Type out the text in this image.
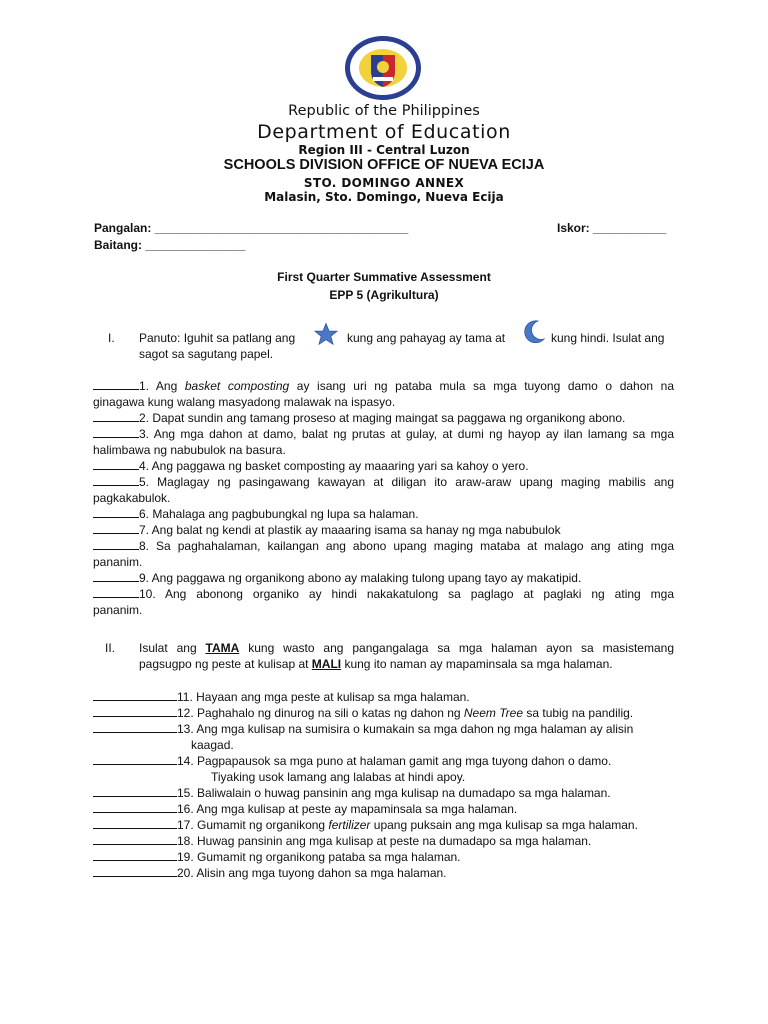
Republic of the Philippines
Department of Education
Region III - Central Luzon
SCHOOLS DIVISION OFFICE OF NUEVA ECIJA
STO. DOMINGO ANNEX
Malasin, Sto. Domingo, Nueva Ecija
Pangalan: ______________________________________	Iskor: ___________
Baitang: _______________
First Quarter Summative Assessment
EPP 5 (Agrikultura)
I. Panuto: Iguhit sa patlang ang	kung ang pahayag ay tama at	kung hindi. Isulat ang
sagot sa sagutang papel.
1. Ang basket composting ay isang uri ng pataba mula sa mga tuyong damo o dahon na
ginagawa kung walang masyadong malawak na ispasyo.
2. Dapat sundin ang tamang proseso at maging maingat sa paggawa ng organikong abono.
3. Ang mga dahon at damo, balat ng prutas at gulay, at dumi ng hayop ay ilan lamang sa mga
halimbawa ng nabubulok na basura.
4. Ang paggawa ng basket composting ay maaaring yari sa kahoy o yero.
5. Maglagay ng pasingawang kawayan at diligan ito araw-araw upang maging mabilis ang
pagkakabulok.
6. Mahalaga ang pagbubungkal ng lupa sa halaman.
7. Ang balat ng kendi at plastik ay maaaring isama sa hanay ng mga nabubulok
8. Sa paghahalaman, kailangan ang abono upang maging mataba at malago ang ating mga
pananim.
9. Ang paggawa ng organikong abono ay malaking tulong upang tayo ay makatipid.
10. Ang abonong organiko ay hindi nakakatulong sa paglago at paglaki ng ating mga
pananim.
II. Isulat ang TAMA kung wasto ang pangangalaga sa mga halaman ayon sa masistemang
pagsugpo ng peste at kulisap at MALI kung ito naman ay mapaminsala sa mga halaman.
11. Hayaan ang mga peste at kulisap sa mga halaman.
12. Paghahalo ng dinurog na sili o katas ng dahon ng Neem Tree sa tubig na pandilig.
13. Ang mga kulisap na sumisira o kumakain sa mga dahon ng mga halaman ay alisin
kaagad.
14. Pagpapausok sa mga puno at halaman gamit ang mga tuyong dahon o damo.
Tiyaking usok lamang ang lalabas at hindi apoy.
15. Baliwalain o huwag pansinin ang mga kulisap na dumadapo sa mga halaman.
16. Ang mga kulisap at peste ay mapaminsala sa mga halaman.
17. Gumamit ng organikong fertilizer upang puksain ang mga kulisap sa mga halaman.
18. Huwag pansinin ang mga kulisap at peste na dumadapo sa mga halaman.
19. Gumamit ng organikong pataba sa mga halaman.
20. Alisin ang mga tuyong dahon sa mga halaman.
